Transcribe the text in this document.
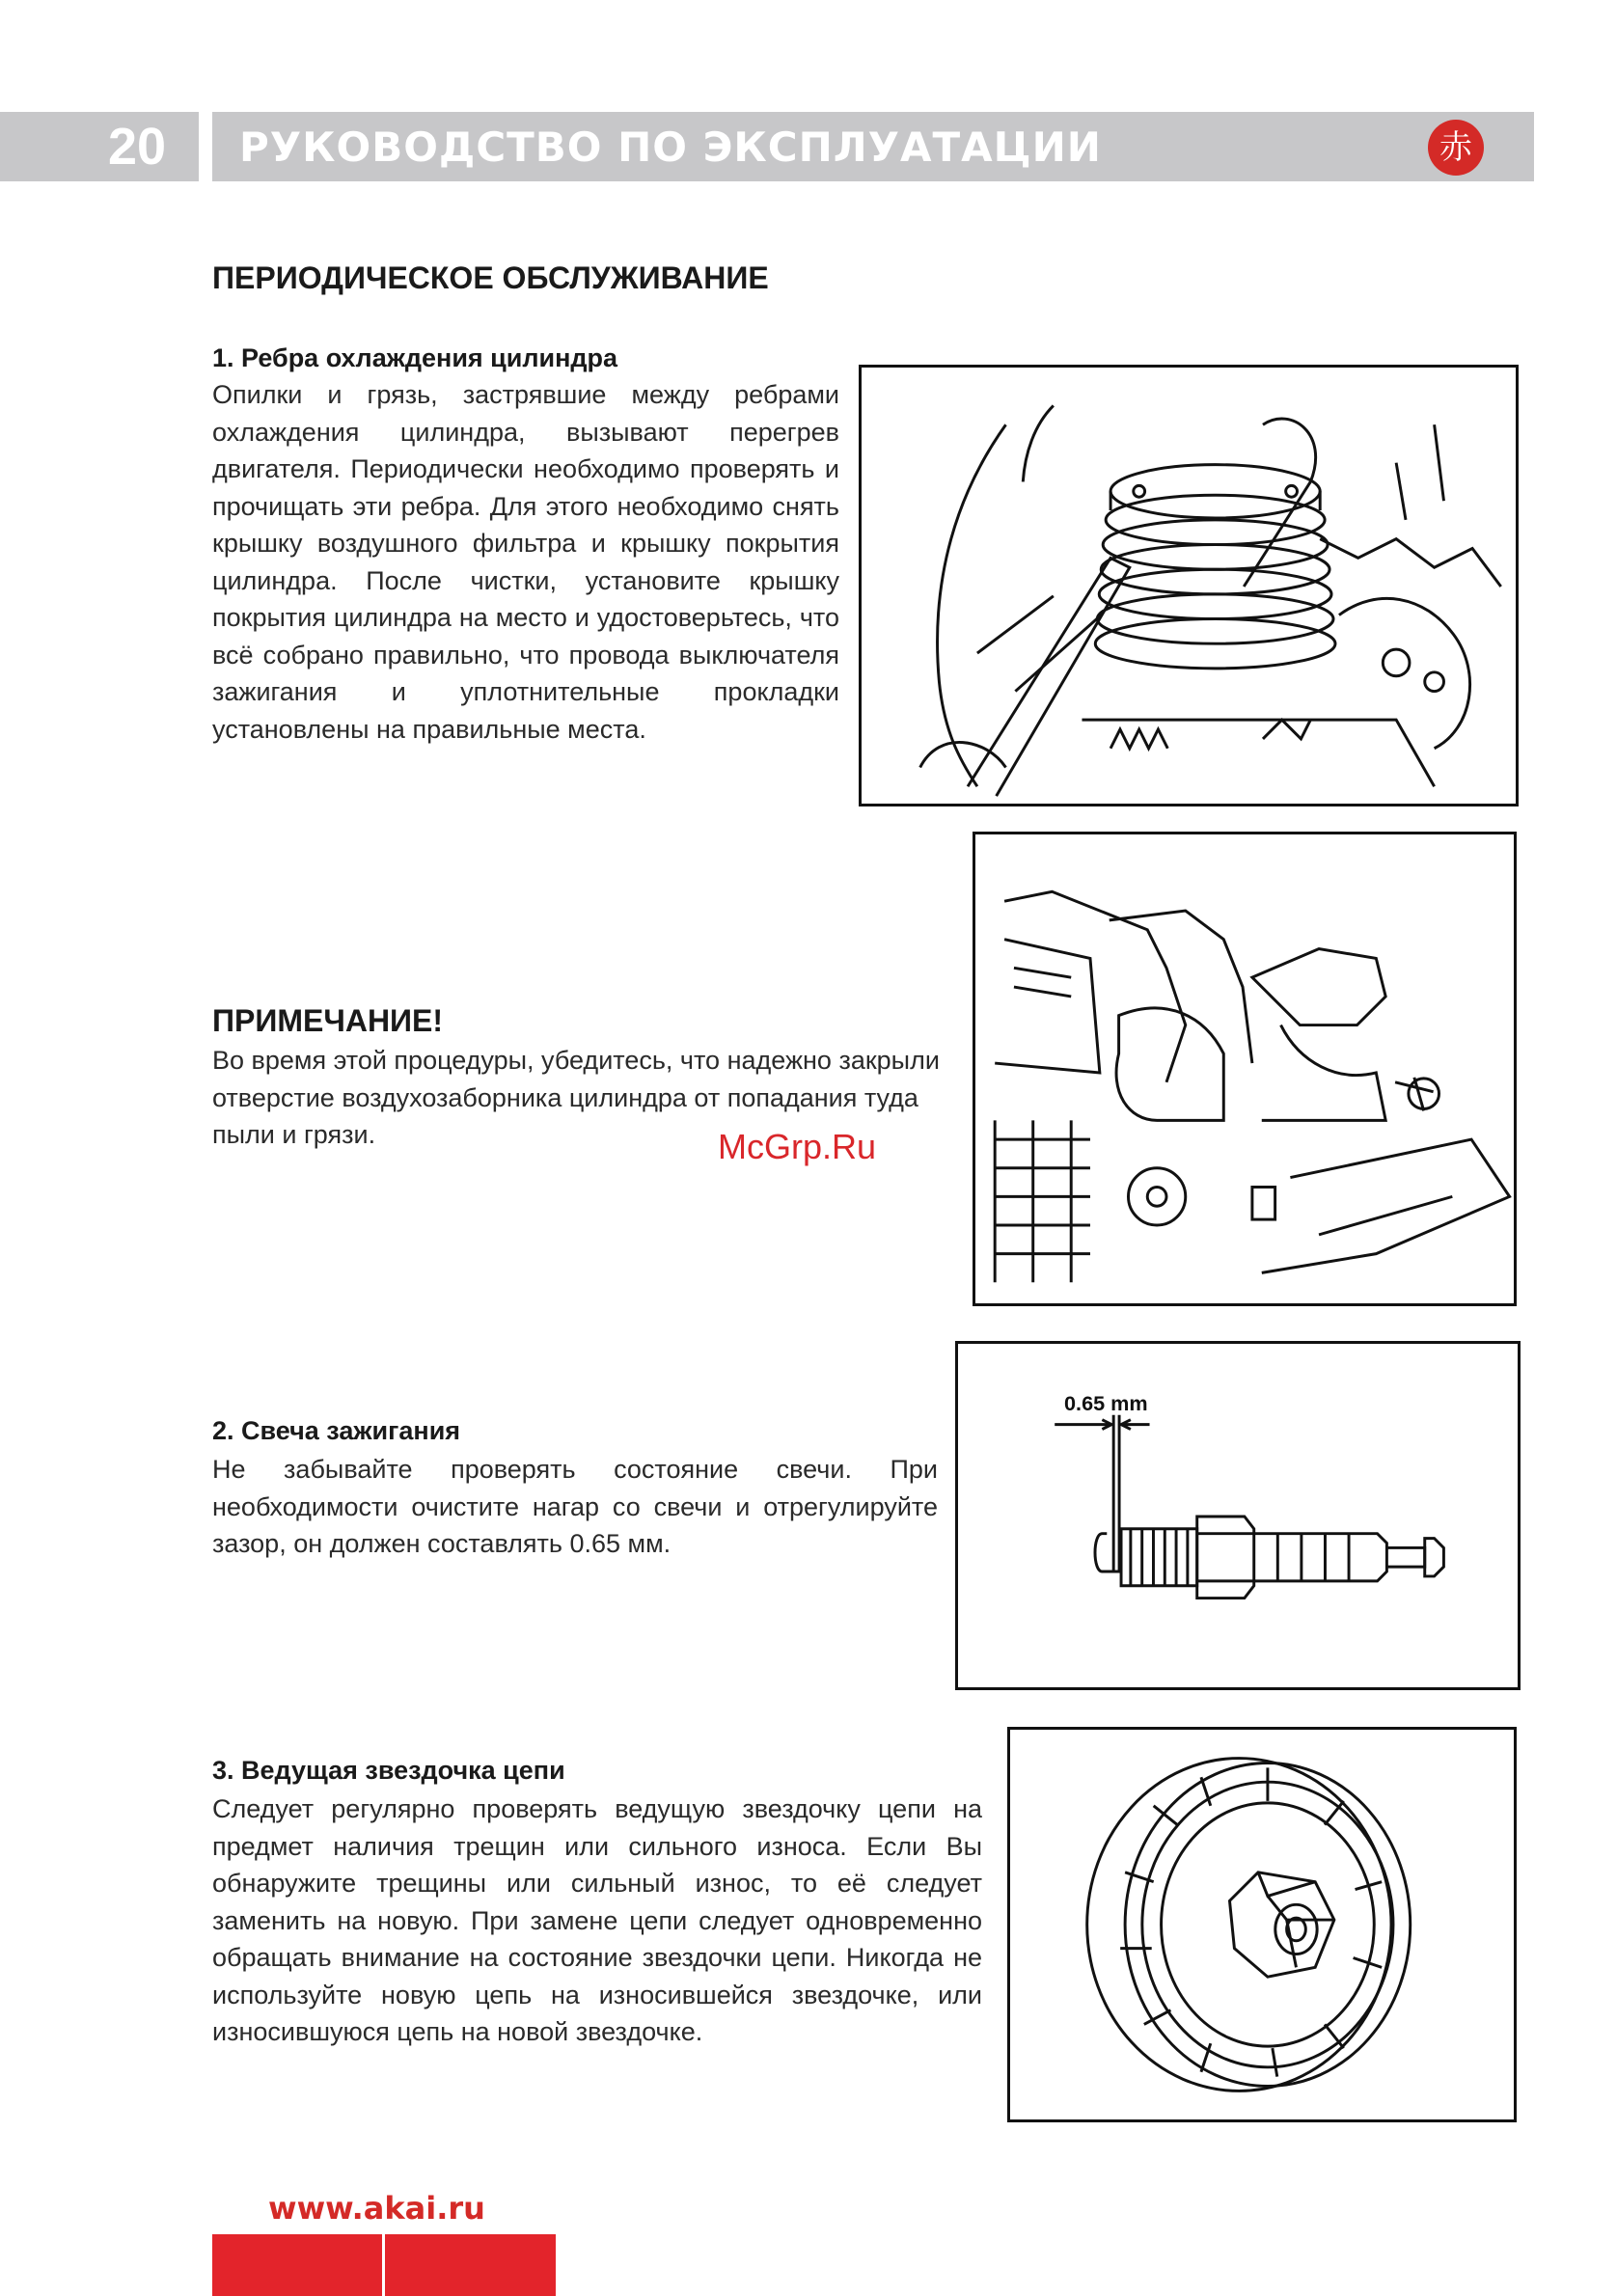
20 РУКОВОДСТВО ПО ЭКСПЛУАТАЦИИ	赤
ПЕРИОДИЧЕСКОЕ ОБСЛУЖИВАНИЕ
1. Ребра охлаждения цилиндра
Опилки и грязь, застрявшие между ребрами охлаждения цилиндра, вызывают перегрев двигателя. Периодически необходимо проверять и прочищать эти ребра. Для этого необходимо снять крышку воздушного фильтра и крышку покрытия цилиндра. После чистки, установите крышку покрытия цилиндра на место и удостоверьтесь, что всё собрано правильно, что провода выключателя зажигания и уплотнительные прокладки установлены на правильные места.
ПРИМЕЧАНИЕ!
Во время этой процедуры, убедитесь, что надежно закрыли отверстие воздухозаборника цилиндра от попадания туда пыли и грязи.	McGrp.Ru
2. Свеча зажигания
Не забывайте проверять состояние свечи. При необходимости очистите нагар со свечи и отрегулируйте зазор, он должен составлять 0.65 мм.
0.65 mm
3. Ведущая звездочка цепи
Следует регулярно проверять ведущую звездочку цепи на предмет наличия трещин или сильного износа. Если Вы обнаружите трещины или сильный износ, то её следует заменить на новую. При замене цепи следует одновременно обращать внимание на состояние звездочки цепи. Никогда не используйте новую цепь на износившейся звездочке, или износившуюся цепь на новой звездочке.
www.akai.ru
